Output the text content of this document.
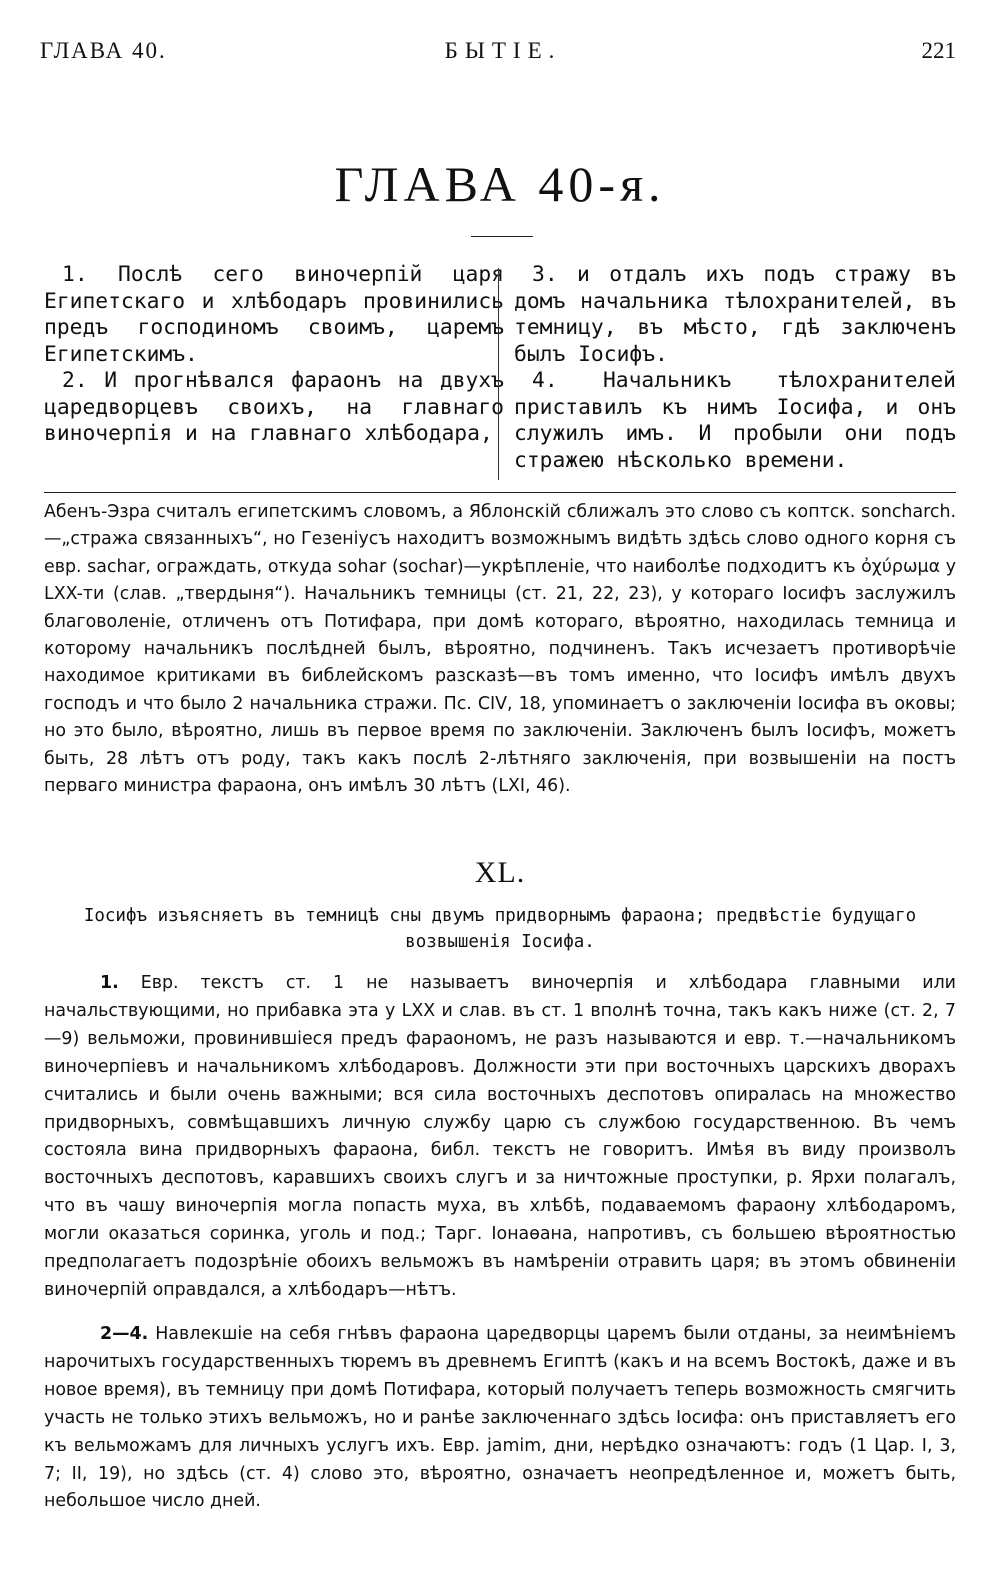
ГЛАВА 40.	БЫТІЕ.	221
ГЛАВА 40-я.

1. Послѣ сего виночерпій царя Египетскаго и хлѣбодаръ провинились предъ господиномъ своимъ, царемъ Египетскимъ.

2. И прогнѣвался фараонъ на двухъ царедворцевъ своихъ, на главнаго виночерпія и на главнаго хлѣбодара,

3. и отдалъ ихъ подъ стражу въ домъ начальника тѣлохранителей, въ темницу, въ мѣсто, гдѣ заключенъ былъ Іосифъ.

4. Начальникъ тѣлохранителей приставилъ къ нимъ Іосифа, и онъ служилъ имъ. И пробыли они подъ стражею нѣсколько времени.

Абенъ-Эзра считалъ египетскимъ словомъ, а Яблонскій сближалъ это слово съ коптск. soncharch.—„стража связанныхъ“, но Гезеніусъ находитъ возможнымъ видѣть здѣсь слово одного корня съ евр. sachar, ограждать, откуда sohar (sochar)—укрѣпленіе, что наиболѣе подходитъ къ ὀχύρωμα у LXX-ти (слав. „твердыня“). Начальникъ темницы (ст. 21, 22, 23), у котораго Іосифъ заслужилъ благоволеніе, отличенъ отъ Потифара, при домѣ котораго, вѣроятно, находилась темница и которому начальникъ послѣдней былъ, вѣроятно, подчиненъ. Такъ исчезаетъ противорѣчіе находимое критиками въ библейскомъ разсказѣ—въ томъ именно, что Іосифъ имѣлъ двухъ господъ и что было 2 начальника стражи. Пс. CIV, 18, упоминаетъ о заключеніи Іосифа въ оковы; но это было, вѣроятно, лишь въ первое время по заключеніи. Заключенъ былъ Іосифъ, можетъ быть, 28 лѣтъ отъ роду, такъ какъ послѣ 2-лѣтняго заключенія, при возвышеніи на постъ перваго министра фараона, онъ имѣлъ 30 лѣтъ (LXI, 46).

XL.

Іосифъ изъясняетъ въ темницѣ сны двумъ придворнымъ фараона; предвѣстіе будущаго возвышенія Іосифа.

1. Евр. текстъ ст. 1 не называетъ виночерпія и хлѣбодара главными или начальствующими, но прибавка эта у LXX и слав. въ ст. 1 вполнѣ точна, такъ какъ ниже (ст. 2, 7—9) вельможи, провинившіеся предъ фараономъ, не разъ называются и евр. т.—начальникомъ виночерпіевъ и начальникомъ хлѣбодаровъ. Должности эти при восточныхъ царскихъ дворахъ считались и были очень важными; вся сила восточныхъ деспотовъ опиралась на множество придворныхъ, совмѣщавшихъ личную службу царю съ службою государственною. Въ чемъ состояла вина придворныхъ фараона, библ. текстъ не говоритъ. Имѣя въ виду произволъ восточныхъ деспотовъ, каравшихъ своихъ слугъ и за ничтожные проступки, р. Ярхи полагалъ, что въ чашу виночерпія могла попасть муха, въ хлѣбѣ, подаваемомъ фараону хлѣбодаромъ, могли оказаться соринка, уголь и под.; Тарг. Іонаѳана, напротивъ, съ большею вѣроятностью предполагаетъ подозрѣніе обоихъ вельможъ въ намѣреніи отравить царя; въ этомъ обвиненіи виночерпій оправдался, а хлѣбодаръ—нѣтъ.

2—4. Навлекшіе на себя гнѣвъ фараона царедворцы царемъ были отданы, за неимѣніемъ нарочитыхъ государственныхъ тюремъ въ древнемъ Египтѣ (какъ и на всемъ Востокѣ, даже и въ новое время), въ темницу при домѣ Потифара, который получаетъ теперь возможность смягчить участь не только этихъ вельможъ, но и ранѣе заключеннаго здѣсь Іосифа: онъ приставляетъ его къ вельможамъ для личныхъ услугъ ихъ. Евр. jamim, дни, нерѣдко означаютъ: годъ (1 Цар. I, 3, 7; II, 19), но здѣсь (ст. 4) слово это, вѣроятно, означаетъ неопредѣленное и, можетъ быть, небольшое число дней.
